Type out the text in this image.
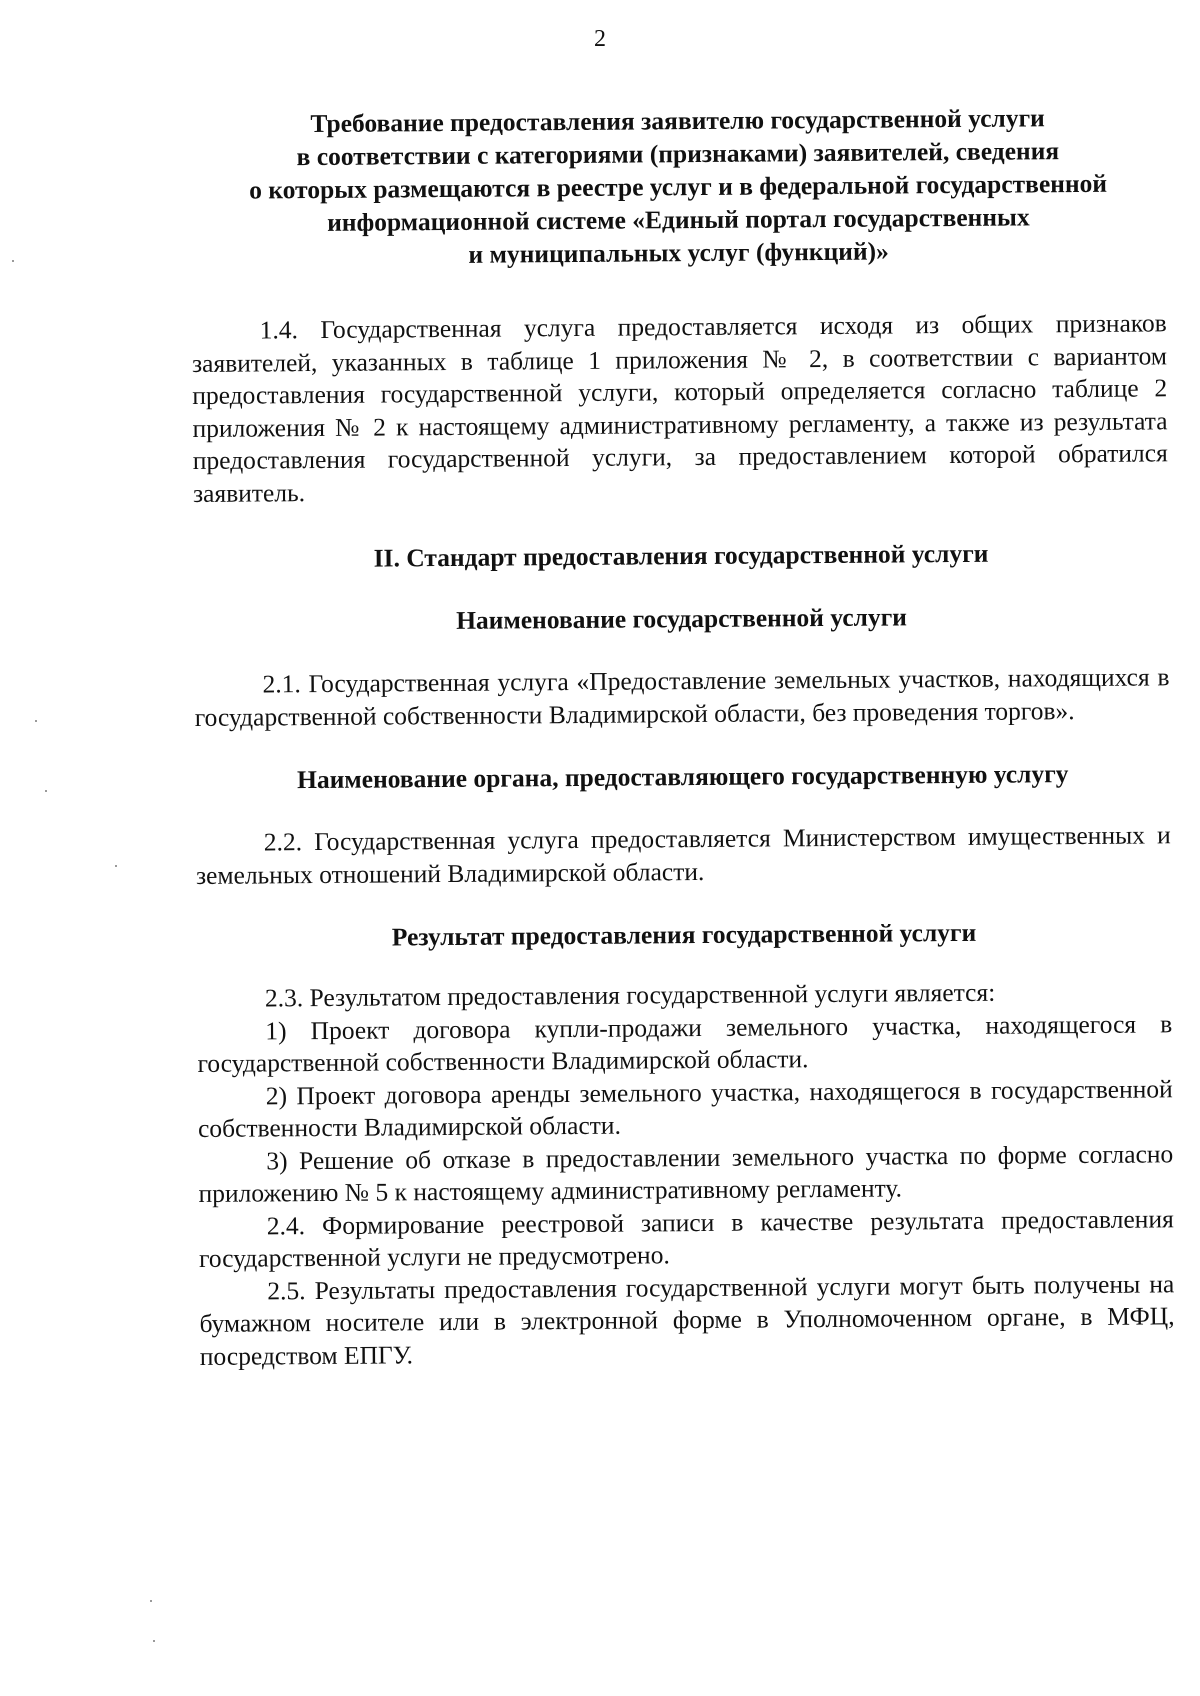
2
Требование предоставления заявителю государственной услуги
в соответствии с категориями (признаками) заявителей, сведения
о которых размещаются в реестре услуг и в федеральной государственной
информационной системе «Единый портал государственных
и муниципальных услуг (функций)»

1.4. Государственная услуга предоставляется исходя из общих признаков заявителей, указанных в таблице 1 приложения № 2, в соответствии с вариантом предоставления государственной услуги, который определяется согласно таблице 2 приложения № 2 к настоящему административному регламенту, а также из результата предоставления государственной услуги, за предоставлением которой обратился заявитель.

II. Стандарт предоставления государственной услуги
Наименование государственной услуги

2.1. Государственная услуга «Предоставление земельных участков, находящихся в государственной собственности Владимирской области, без проведения торгов».

Наименование органа, предоставляющего государственную услугу

2.2. Государственная услуга предоставляется Министерством имущественных и земельных отношений Владимирской области.

Результат предоставления государственной услуги

2.3. Результатом предоставления государственной услуги является:

1) Проект договора купли-продажи земельного участка, находящегося в государственной собственности Владимирской области.

2) Проект договора аренды земельного участка, находящегося в государственной собственности Владимирской области.

3) Решение об отказе в предоставлении земельного участка по форме согласно приложению № 5 к настоящему административному регламенту.

2.4. Формирование реестровой записи в качестве результата предоставления государственной услуги не предусмотрено.

2.5. Результаты предоставления государственной услуги могут быть получены на бумажном носителе или в электронной форме в Уполномоченном органе, в МФЦ, посредством ЕПГУ.
